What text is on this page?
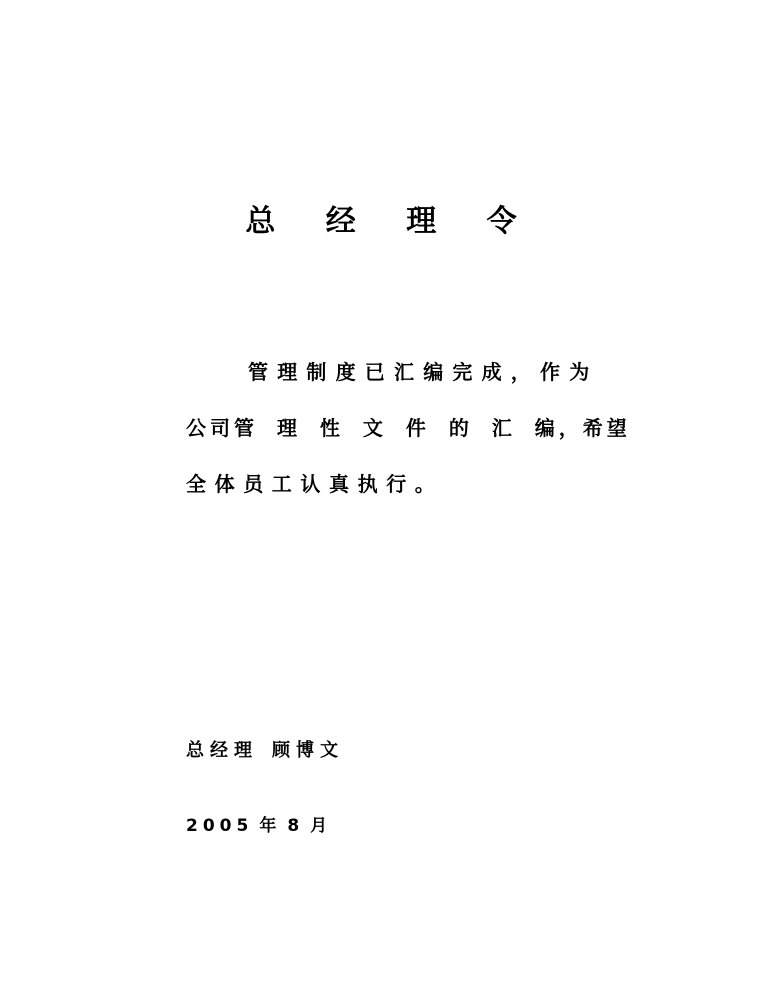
总 经 理 令
管理制度已汇编完成，作为
公司管 理 性 文 件 的 汇 编，希望
全体员工认真执行。
总经理 顾博文
2005 年 8 月
